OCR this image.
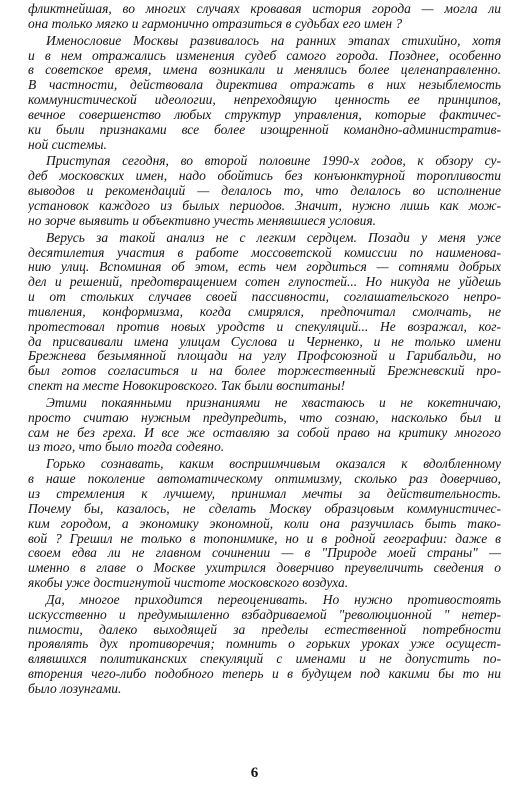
фликтнейшая, во многих случаях кровавая история города — могла ли
она только мягко и гармонично отразиться в судьбах его имен ?
Именословие Москвы развивалось на ранних этапах стихийно, хотя
и в нем отражались изменения судеб самого города. Позднее, особенно
в советское время, имена возникали и менялись более целенаправленно.
В частности, действовала директива отражать в них незыблемость
коммунистической идеологии, непреходящую ценность ее принципов,
вечное совершенство любых структур управления, которые фактичес-
ки были признаками все более изощренной командно-административ-
ной системы.
Приступая сегодня, во второй половине 1990-х годов, к обзору су-
деб московских имен, надо обойтись без конъюнктурной торопливости
выводов и рекомендаций — делалось то, что делалось во исполнение
установок каждого из былых периодов. Значит, нужно лишь как мож-
но зорче выявить и объективно учесть менявшиеся условия.
Верусь за такой анализ не с легким сердцем. Позади у меня уже
десятилетия участия в работе моссоветской комиссии по наименова-
нию улиц. Вспоминая об этом, есть чем гордиться — сотнями добрых
дел и решений, предотвращением сотен глупостей... Но никуда не уйдешь
и от стольких случаев своей пассивности, соглашательского непро-
тивления, конформизма, когда смирялся, предпочитал смолчать, не
протестовал против новых уродств и спекуляций... Не возражал, ког-
да присваивали имена улицам Суслова и Черненко, и не только имени
Брежнева безымянной площади на углу Профсоюзной и Гарибальди, но
был готов согласиться и на более торжественный Брежневский про-
спект на месте Новокировского. Так были воспитаны!
Этими покаянными признаниями не хвастаюсь и не кокетничаю,
просто считаю нужным предупредить, что сознаю, насколько был и
сам не без греха. И все же оставляю за собой право на критику многого
из того, что было тогда содеяно.
Горько сознавать, каким восприимчивым оказался к вдолбленному
в наше поколение автоматическому оптимизму, сколько раз доверчиво,
из стремления к лучшему, принимал мечты за действительность.
Почему бы, казалось, не сделать Москву образцовым коммунистичес-
ким городом, а экономику экономной, коли она разучилась быть тако-
вой ? Грешил не только в топонимике, но и в родной географии: даже в
своем едва ли не главном сочинении — в "Природе моей страны" —
именно в главе о Москве ухитрился доверчиво преувеличить сведения о
якобы уже достигнутой чистоте московского воздуха.
Да, многое приходится переоценивать. Но нужно противостоять
искусственно и предумышленно взбадриваемой "революционной " нетер-
пимости, далеко выходящей за пределы естественной потребности
проявлять дух противоречия; помнить о горьких уроках уже осущест-
влявшихся политиканских спекуляций с именами и не допустить по-
вторения чего-либо подобного теперь и в будущем под какими бы то ни
было лозунгами.
6
